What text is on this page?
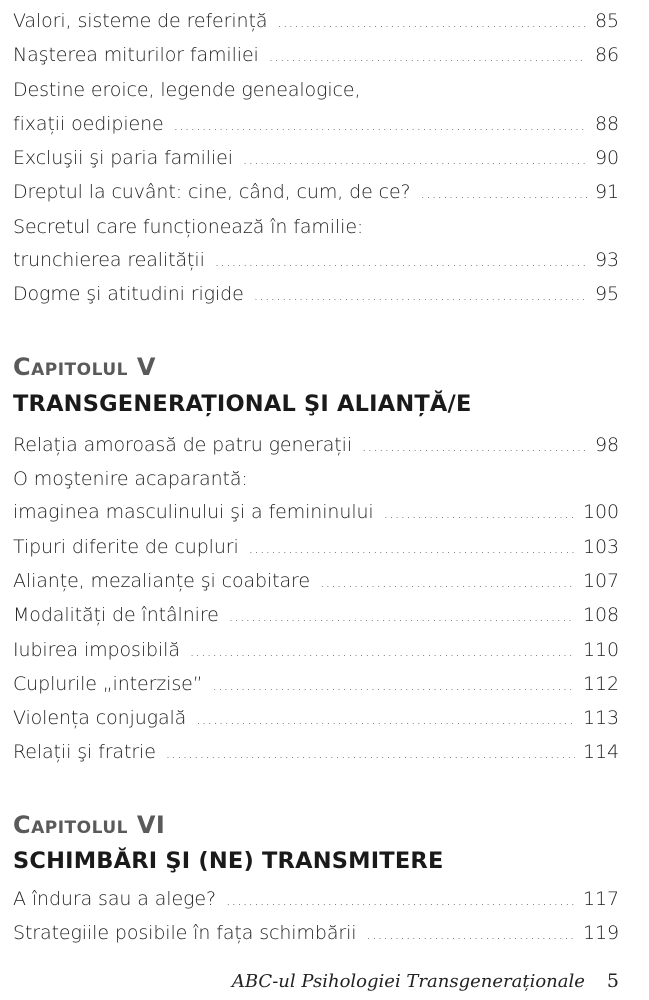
Valori, sisteme de referință .....	85
Naşterea miturilor familiei .....	86
Destine eroice, legende genealogice,
fixații oedipiene .....	88
Excluşii şi paria familiei .....	90
Dreptul la cuvânt: cine, când, cum, de ce? .....	91
Secretul care funcționează în familie:
trunchierea realității .....	93
Dogme şi atitudini rigide .....	95
Capitolul V
TRANSGENERAȚIONAL ŞI ALIANȚĂ/E
Relația amoroasă de patru generații .....	98
O moştenire acaparantă:
imaginea masculinului şi a femininului .....	100
Tipuri diferite de cupluri .....	103
Alianțe, mezalianțe şi coabitare .....	107
Modalități de întâlnire .....	108
Iubirea imposibilă .....	110
Cuplurile „interzise” .....	112
Violența conjugală .....	113
Relații şi fratrie .....	114
Capitolul VI
SCHIMBĂRI ŞI (NE) TRANSMITERE
A îndura sau a alege? .....	117
Strategiile posibile în fața schimbării .....	119
ABC-ul Psihologiei Transgeneraționale 5
